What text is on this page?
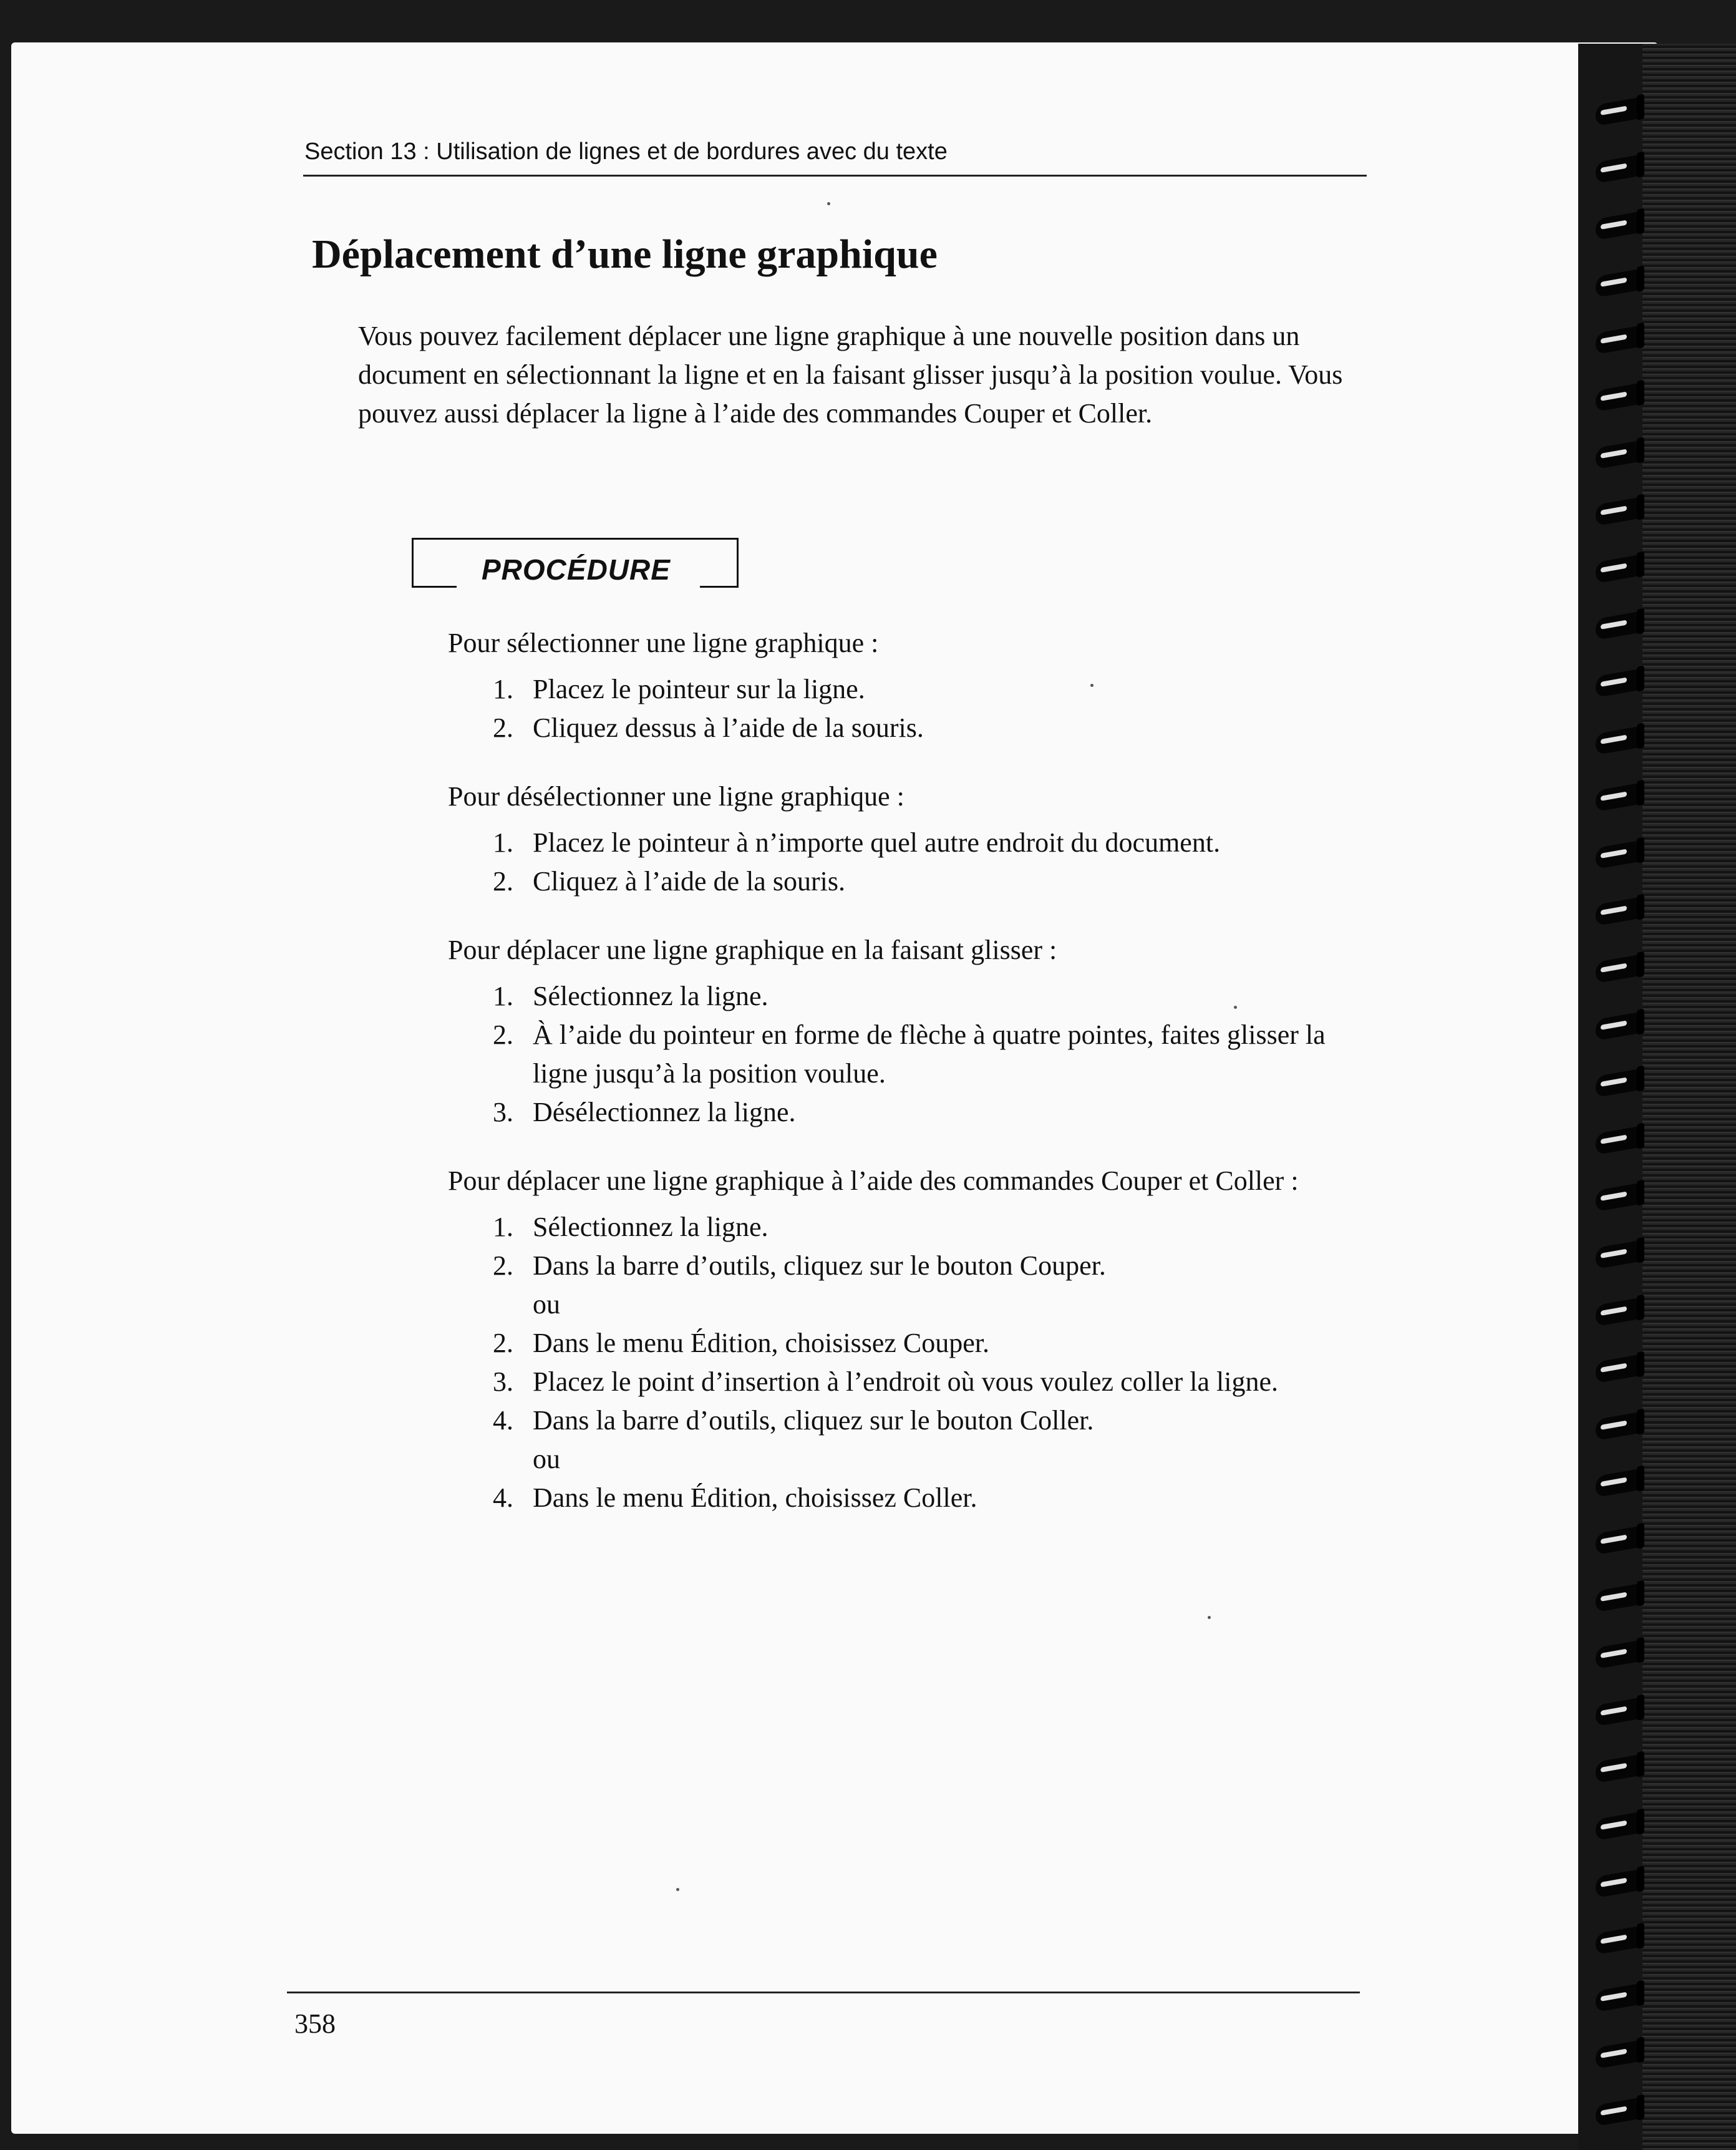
Section 13 : Utilisation de lignes et de bordures avec du texte
Déplacement d’une ligne graphique

Vous pouvez facilement déplacer une ligne graphique à une nouvelle position dans un document en sélectionnant la ligne et en la faisant glisser jusqu’à la position voulue. Vous pouvez aussi déplacer la ligne à l’aide des commandes Couper et Coller.

PROCÉDURE

Pour sélectionner une ligne graphique :

1. Placez le pointeur sur la ligne.
2. Cliquez dessus à l’aide de la souris.

Pour désélectionner une ligne graphique :

1. Placez le pointeur à n’importe quel autre endroit du document.
2. Cliquez à l’aide de la souris.

Pour déplacer une ligne graphique en la faisant glisser :

1. Sélectionnez la ligne.
2. À l’aide du pointeur en forme de flèche à quatre pointes, faites glisser la ligne jusqu’à la position voulue.
3. Désélectionnez la ligne.

Pour déplacer une ligne graphique à l’aide des commandes Couper et Coller :

1. Sélectionnez la ligne.
2. Dans la barre d’outils, cliquez sur le bouton Couper.
ou
2. Dans le menu Édition, choisissez Couper.
3. Placez le point d’insertion à l’endroit où vous voulez coller la ligne.
4. Dans la barre d’outils, cliquez sur le bouton Coller.
ou
4. Dans le menu Édition, choisissez Coller.
358
